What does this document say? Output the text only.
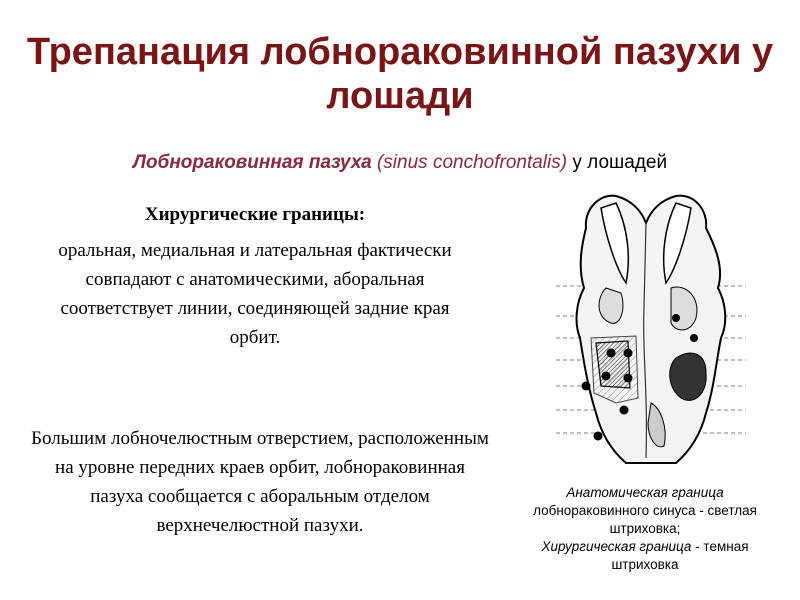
Трепанация лобнораковинной пазухи у лошади
Лобнораковинная пазуха (sinus conchofrontalis) у лошадей
Хирургические границы:

оральная, медиальная и латеральная фактически совпадают с анатомическими, аборальная соответствует линии, соединяющей задние края орбит.

Большим лобночелюстным отверстием, расположенным на уровне передних краев орбит, лобнораковинная пазуха сообщается с аборальным отделом верхнечелюстной пазухи.

Анатомическая граница
лобнораковинного синуса - светлая штриховка;
Хирургическая граница - темная штриховка
